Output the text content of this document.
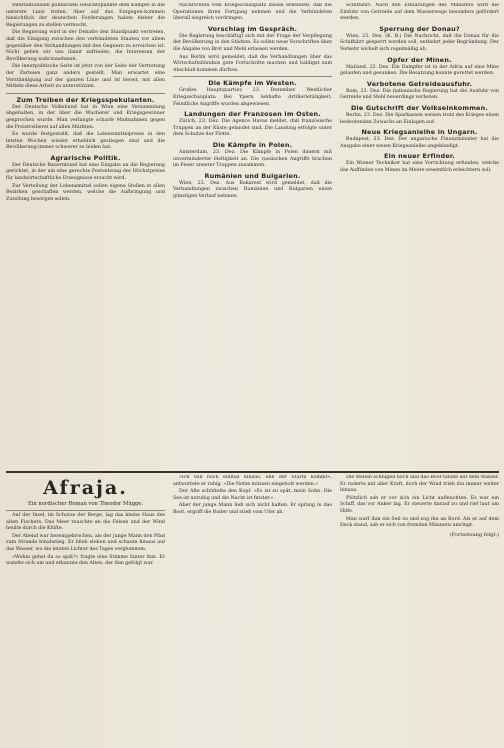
Internationalen politischen Gesichtspunkte dem Kampfe in die unterste Linie treten. Aber auf das Entgegen-kommen hinsichtlich der deutschen Forderungen haben bisher die Regierungen zu stellen vermocht.

Die Regierung wird in der Debatte den Standpunkt vertreten, daß die Einigung zwischen den verbündeten Staaten vor allem gegenüber den Verhandlungen mit den Gegnern zu erreichen ist. Nicht geben wir uns damit zufrieden, die Interessen der Bevölkerung wahrzunehmen.

Die innerpolitische Seite ist jetzt von der Seite der Vertretung der Parteien ganz anders gestellt. Man erwartet eine Verständigung auf der ganzen Linie und ist bereit, mit allen Mitteln diese Arbeit zu unterstützen.

Zum Treiben der Kriegsspekulanten.

Der Deutsche Volksbund hat in Wien eine Versammlung abgehalten, in der über die Wucherer und Kriegsgewinner gesprochen wurde. Man verlangte scharfe Maßnahmen gegen die Preistreiberei auf allen Märkten.

Es wurde festgestellt, daß die Lebensmittelpreise in den letzten Wochen wieder erheblich gestiegen sind und die Bevölkerung immer schwerer zu leiden hat.

Agrarische Politik.

Der Deutsche Bauernbund hat eine Eingabe an die Regierung gerichtet, in der um eine gerechte Festsetzung der Höchstpreise für landwirtschaftliche Erzeugnisse ersucht wird.

Zur Verteilung der Lebensmittel sollen eigene Stellen in allen Bezirken geschaffen werden, welche die Aufbringung und Zuteilung besorgen sollen.

Nachrichten vom Kriegsschauplatz lassen erkennen, daß die Operationen ihren Fortgang nehmen und die Verbündeten überall siegreich vordringen.

Vorschlag im Gespräch.

Die Regierung beschäftigt sich mit der Frage der Verpflegung der Bevölkerung in den Städten. Es sollen neue Vorschriften über die Abgabe von Brot und Mehl erlassen werden.

Aus Berlin wird gemeldet, daß die Verhandlungen über das Wirtschaftsbündnis gute Fortschritte machen und baldigst zum Abschluß kommen dürften.

Die Kämpfe im Westen.

Großes Hauptquartier, 23. Dezember. Westlicher Kriegsschauplatz: Bei Ypern lebhafte Artillerietätigkeit. Feindliche Angriffe wurden abgewiesen.

Landungen der Franzosen im Osten.

Zürich, 23. Dez. Die Agence Havas meldet, daß französische Truppen an der Küste gelandet sind. Die Landung erfolgte unter dem Schutze der Flotte.

Die Kämpfe in Polen.

Amsterdam, 23. Dez. Die Kämpfe in Polen dauern mit unverminderter Heftigkeit an. Die russischen Angriffe brachen im Feuer unserer Truppen zusammen.

Rumänien und Bulgarien.

Wien, 23. Dez. Aus Bukarest wird gemeldet, daß die Verhandlungen zwischen Rumänien und Bulgarien einen günstigen Verlauf nehmen.

Schiffahrt. Nach den Erklärungen des Ministers wird die Einfuhr von Getreide auf dem Wasserwege besonders gefördert werden.

Sperrung der Donau?

Wien, 23. Dez. (K. B.) Die Nachricht, daß die Donau für die Schiffahrt gesperrt werden soll, entbehrt jeder Begründung. Der Verkehr wickelt sich regelmäßig ab.

Opfer der Minen.

Mailand, 23. Dez. Ein Dampfer ist in der Adria auf eine Mine gelaufen und gesunken. Die Besatzung konnte gerettet werden.

Verbotene Getreideausfuhr.

Rom, 23. Dez. Die italienische Regierung hat die Ausfuhr von Getreide und Mehl neuerdings verboten.

Die Gutschrift der Volkseinkommen.

Berlin, 23. Dez. Die Sparkassen weisen trotz des Krieges einen bedeutenden Zuwachs an Einlagen auf.

Neue Kriegsanleihe in Ungarn.

Budapest, 23. Dez. Der ungarische Finanzminister hat die Ausgabe einer neuen Kriegsanleihe angekündigt.

Ein neuer Erfinder.

Ein Wiener Techniker hat eine Vorrichtung erfunden, welche das Auffinden von Minen im Meere wesentlich erleichtern soll.

Afraja.
Ein nordischer Roman von Theodor Mügge.

Auf der Insel, im Schutze der Berge, lag das kleine Haus des alten Fischers. Das Meer rauschte an die Felsen und der Wind heulte durch die Klüfte.

Der Abend war hereingebrochen, als der junge Mann den Pfad zum Strande hinabstieg. Er blieb stehen und schaute hinaus auf das Wasser, wo die letzten Lichter des Tages verglommen.

»Wohin gehst du so spät?« fragte eine Stimme hinter ihm. Er wandte sich um und erkannte den Alten, der ihm gefolgt war.

»Ich will noch einmal hinaus, ehe der Sturm kommt«, antwortete er ruhig. »Die Netze müssen eingeholt werden.«

Der Alte schüttelte den Kopf. »Es ist zu spät, mein Sohn. Die See ist unruhig und die Nacht ist finster.«

Aber der junge Mann ließ sich nicht halten. Er sprang in das Boot, ergriff die Ruder und stieß vom Ufer ab.

Die Wellen schlugen hoch und das Boot tanzte auf dem Wasser. Er ruderte mit aller Kraft, doch der Wind trieb ihn immer weiter hinaus.

Plötzlich sah er vor sich ein Licht aufleuchten. Es war ein Schiff, das vor Anker lag. Er steuerte darauf zu und rief laut um Hilfe.

Man warf ihm ein Seil zu und zog ihn an Bord. Als er auf dem Deck stand, sah er sich von fremden Männern umringt.

(Fortsetzung folgt.)
